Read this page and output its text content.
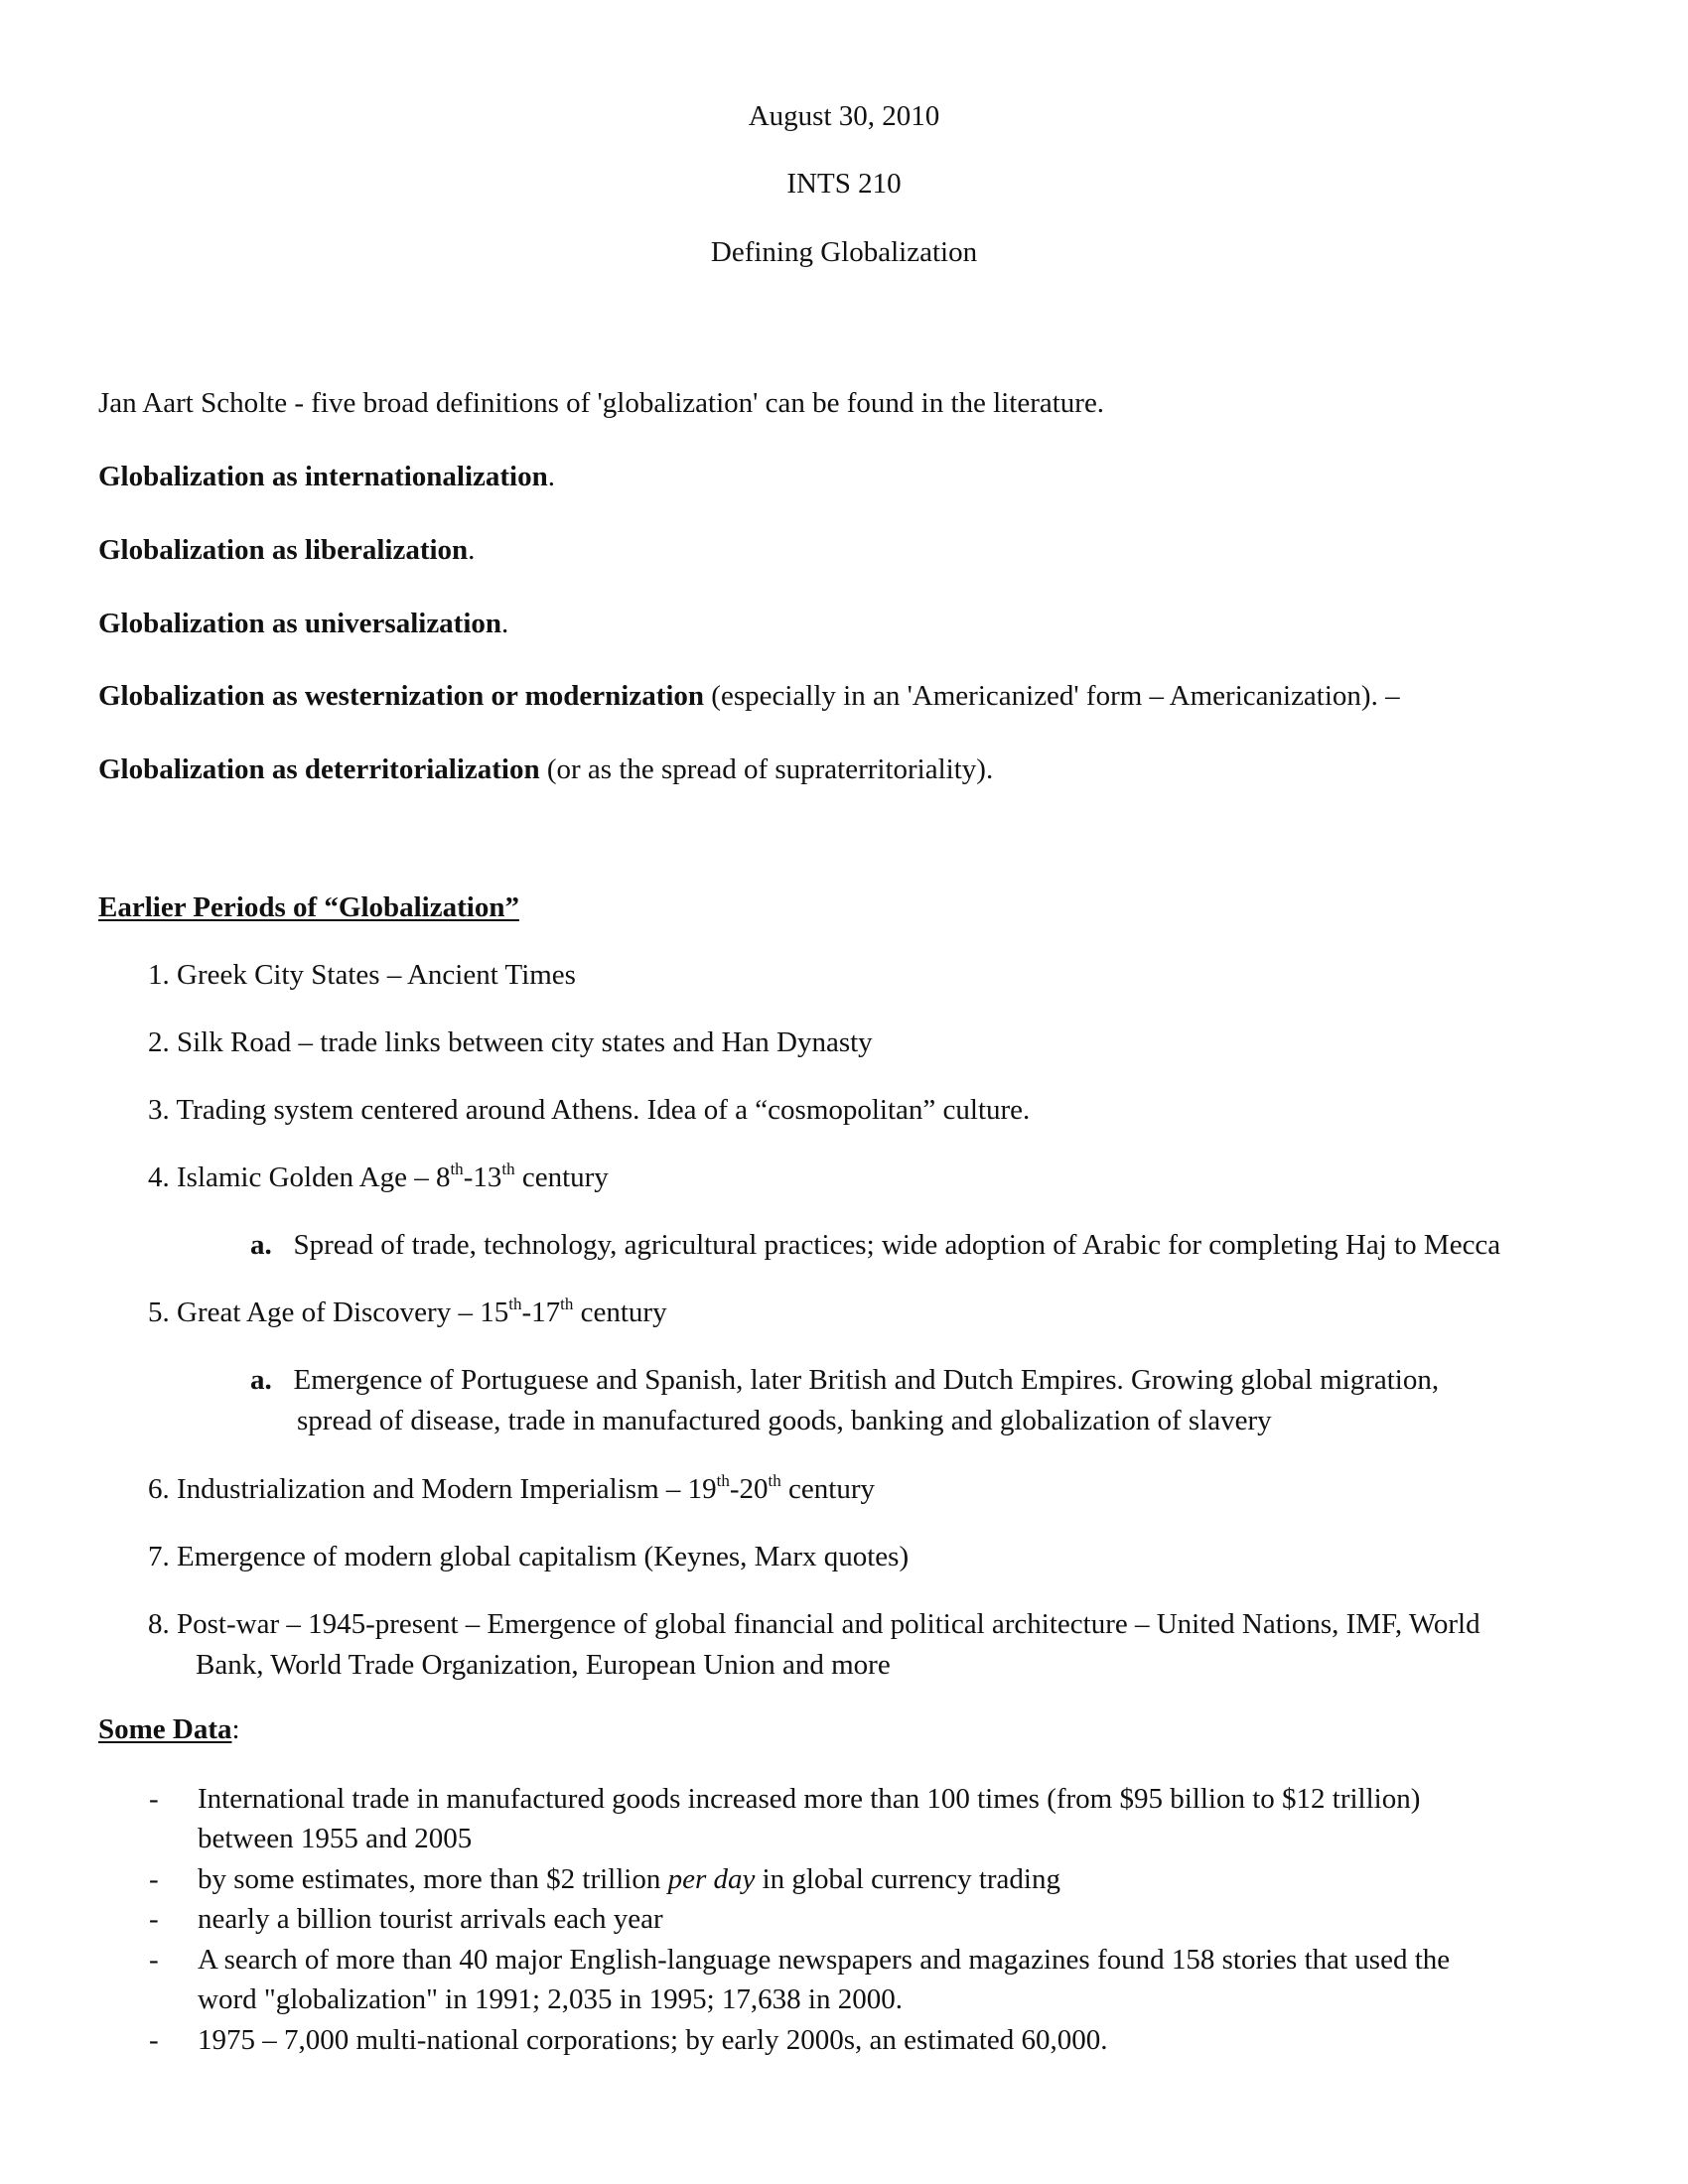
August 30, 2010

INTS 210

Defining Globalization

Jan Aart Scholte - five broad definitions of 'globalization' can be found in the literature.

Globalization as internationalization.

Globalization as liberalization.

Globalization as universalization.

Globalization as westernization or modernization (especially in an 'Americanized' form – Americanization). –

Globalization as deterritorialization (or as the spread of supraterritoriality).

Earlier Periods of “Globalization”

1. Greek City States – Ancient Times

2. Silk Road – trade links between city states and Han Dynasty

3. Trading system centered around Athens. Idea of a “cosmopolitan” culture.

4. Islamic Golden Age – 8th-13th century

a. Spread of trade, technology, agricultural practices; wide adoption of Arabic for completing Haj to Mecca

5. Great Age of Discovery – 15th-17th century

a. Emergence of Portuguese and Spanish, later British and Dutch Empires. Growing global migration,

spread of disease, trade in manufactured goods, banking and globalization of slavery

6. Industrialization and Modern Imperialism – 19th-20th century

7. Emergence of modern global capitalism (Keynes, Marx quotes)

8. Post-war – 1945-present – Emergence of global financial and political architecture – United Nations, IMF, World

Bank, World Trade Organization, European Union and more

Some Data:

- International trade in manufactured goods increased more than 100 times (from $95 billion to $12 trillion)

between 1955 and 2005

- by some estimates, more than $2 trillion per day in global currency trading

- nearly a billion tourist arrivals each year

- A search of more than 40 major English-language newspapers and magazines found 158 stories that used the

word "globalization" in 1991; 2,035 in 1995; 17,638 in 2000.

- 1975 – 7,000 multi-national corporations; by early 2000s, an estimated 60,000.
